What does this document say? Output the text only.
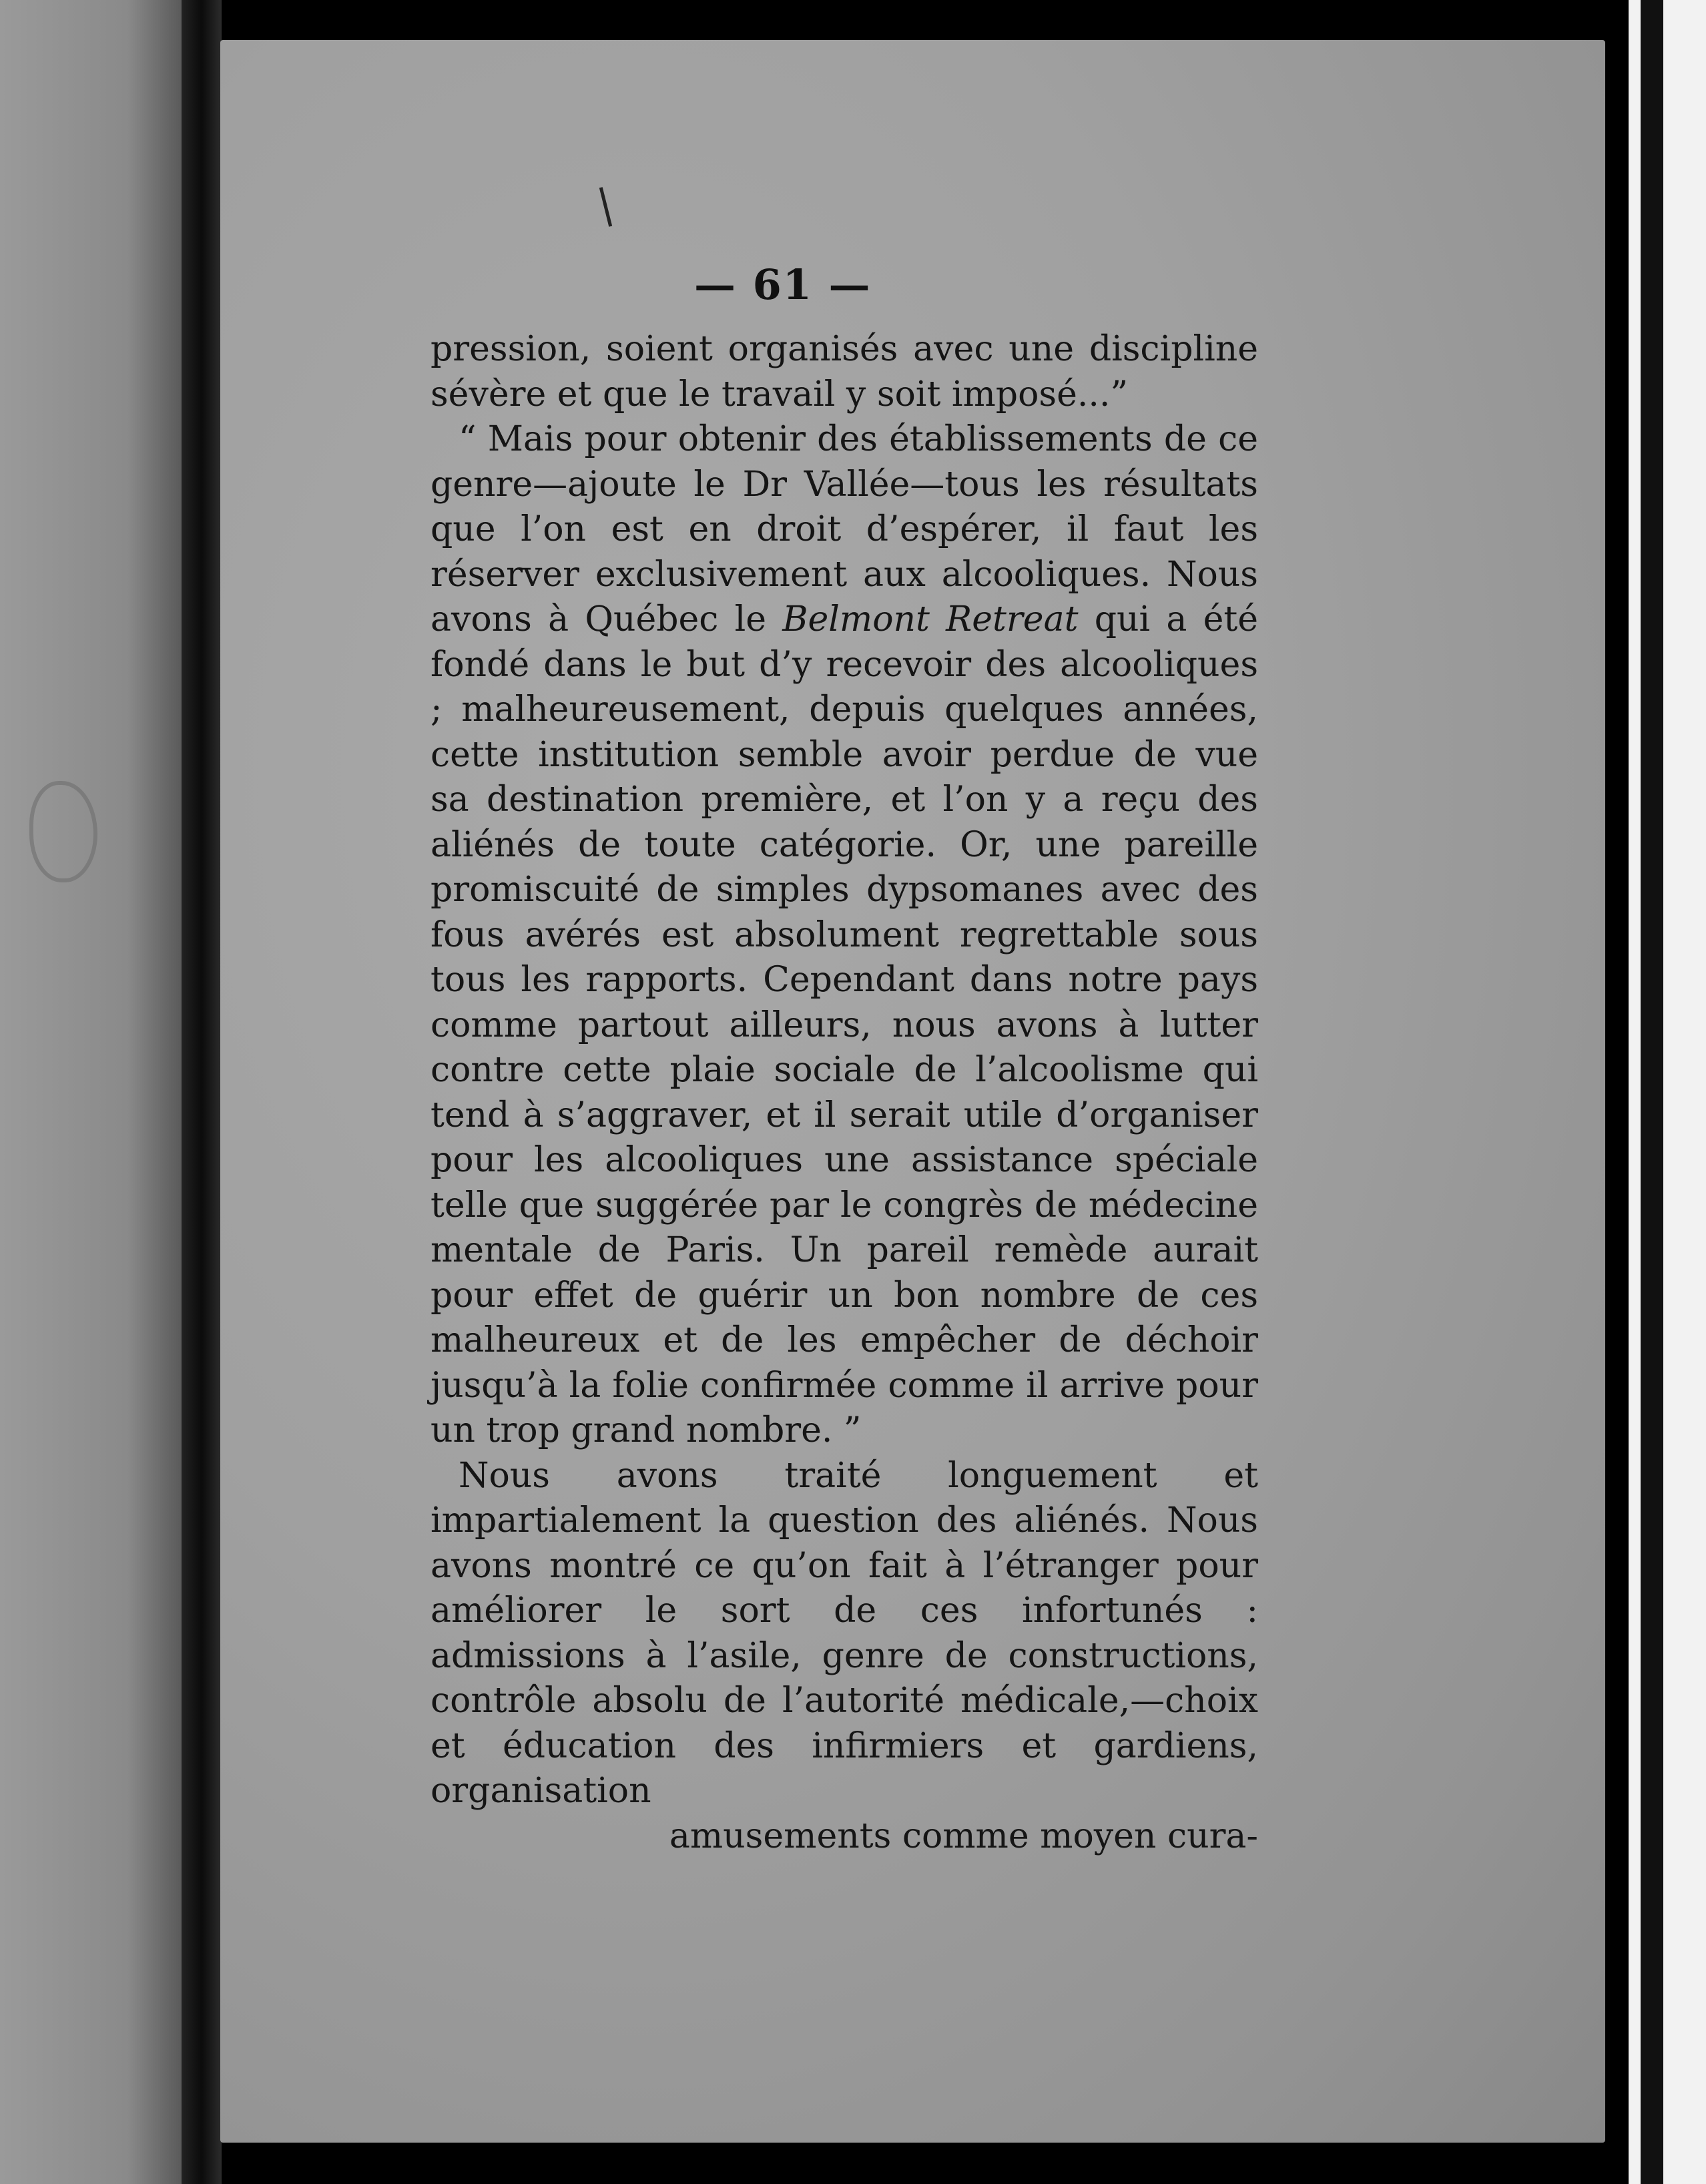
— 61 —

pression, soient organisés avec une discipline sévère et que le travail y soit imposé...”

“ Mais pour obtenir des établissements de ce genre—ajoute le Dr Vallée—tous les résultats que l’on est en droit d’espérer, il faut les réserver exclusivement aux alcooliques. Nous avons à Québec le Belmont Retreat qui a été fondé dans le but d’y recevoir des alcooliques ; malheureusement, depuis quelques années, cette institution semble avoir perdue de vue sa destination première, et l’on y a reçu des aliénés de toute catégorie. Or, une pareille promiscuité de simples dypsomanes avec des fous avérés est absolument regrettable sous tous les rapports. Cependant dans notre pays comme partout ailleurs, nous avons à lutter contre cette plaie sociale de l’alcoolisme qui tend à s’aggraver, et il serait utile d’organiser pour les alcooliques une assistance spéciale telle que suggérée par le congrès de médecine mentale de Paris. Un pareil remède aurait pour effet de guérir un bon nombre de ces malheureux et de les empêcher de déchoir jusqu’à la folie confirmée comme il arrive pour un trop grand nombre. ”

Nous avons traité longuement et impartialement la question des aliénés. Nous avons montré ce qu’on fait à l’étranger pour améliorer le sort de ces infortunés : admissions à l’asile, genre de constructions, contrôle absolu de l’autorité médicale,—choix et éducation des infirmiers et gardiens, organisation

amusements comme moyen cura-
